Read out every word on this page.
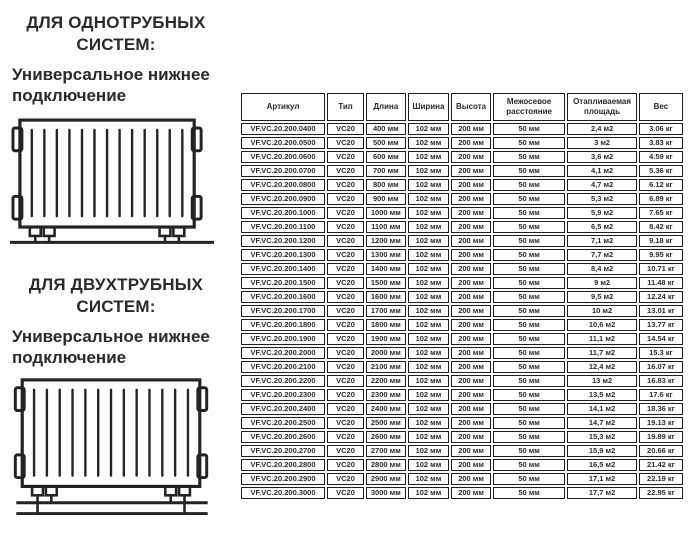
ДЛЯ ОДНОТРУБНЫХ СИСТЕМ:

Универсальное нижнее подключение

ДЛЯ ДВУХТРУБНЫХ СИСТЕМ:

Универсальное нижнее подключение

Артикул	Тип	Длина	Ширина	Высота	Межосевое расстояние	Отапливаемая площадь	Вес
VF.VC.20.200.0400	VC20	400 мм	102 мм	200 мм	50 мм	2,4 м2	3.06 кг
VF.VC.20.200.0500	VC20	500 мм	102 мм	200 мм	50 мм	3 м2	3.83 кг
VF.VC.20.200.0600	VC20	600 мм	102 мм	200 мм	50 мм	3,6 м2	4.59 кг
VF.VC.20.200.0700	VC20	700 мм	102 мм	200 мм	50 мм	4,1 м2	5.36 кг
VF.VC.20.200.0800	VC20	800 мм	102 мм	200 мм	50 мм	4,7 м2	6.12 кг
VF.VC.20.200.0900	VC20	900 мм	102 мм	200 мм	50 мм	5,3 м2	6.89 кг
VF.VC.20.200.1000	VC20	1000 мм	102 мм	200 мм	50 мм	5,9 м2	7.65 кг
VF.VC.20.200.1100	VC20	1100 мм	102 мм	200 мм	50 мм	6,5 м2	8.42 кг
VF.VC.20.200.1200	VC20	1200 мм	102 мм	200 мм	50 мм	7,1 м2	9.18 кг
VF.VC.20.200.1300	VC20	1300 мм	102 мм	200 мм	50 мм	7,7 м2	9.95 кг
VF.VC.20.200.1400	VC20	1400 мм	102 мм	200 мм	50 мм	8,4 м2	10.71 кг
VF.VC.20.200.1500	VC20	1500 мм	102 мм	200 мм	50 мм	9 м2	11.48 кг
VF.VC.20.200.1600	VC20	1600 мм	102 мм	200 мм	50 мм	9,5 м2	12.24 кг
VF.VC.20.200.1700	VC20	1700 мм	102 мм	200 мм	50 мм	10 м2	13.01 кг
VF.VC.20.200.1800	VC20	1800 мм	102 мм	200 мм	50 мм	10,6 м2	13.77 кг
VF.VC.20.200.1900	VC20	1900 мм	102 мм	200 мм	50 мм	11,1 м2	14.54 кг
VF.VC.20.200.2000	VC20	2000 мм	102 мм	200 мм	50 мм	11,7 м2	15.3 кг
VF.VC.20.200.2100	VC20	2100 мм	102 мм	200 мм	50 мм	12,4 м2	16.07 кг
VF.VC.20.200.2200	VC20	2200 мм	102 мм	200 мм	50 мм	13 м2	16.83 кг
VF.VC.20.200.2300	VC20	2300 мм	102 мм	200 мм	50 мм	13,5 м2	17.6 кг
VF.VC.20.200.2400	VC20	2400 мм	102 мм	200 мм	50 мм	14,1 м2	18.36 кг
VF.VC.20.200.2500	VC20	2500 мм	102 мм	200 мм	50 мм	14,7 м2	19.13 кг
VF.VC.20.200.2600	VC20	2600 мм	102 мм	200 мм	50 мм	15,3 м2	19.89 кг
VF.VC.20.200.2700	VC20	2700 мм	102 мм	200 мм	50 мм	15,9 м2	20.66 кг
VF.VC.20.200.2800	VC20	2800 мм	102 мм	200 мм	50 мм	16,5 м2	21.42 кг
VF.VC.20.200.2900	VC20	2900 мм	102 мм	200 мм	50 мм	17,1 м2	22.19 кг
VF.VC.20.200.3000	VC20	3000 мм	102 мм	200 мм	50 мм	17,7 м2	22.95 кг
